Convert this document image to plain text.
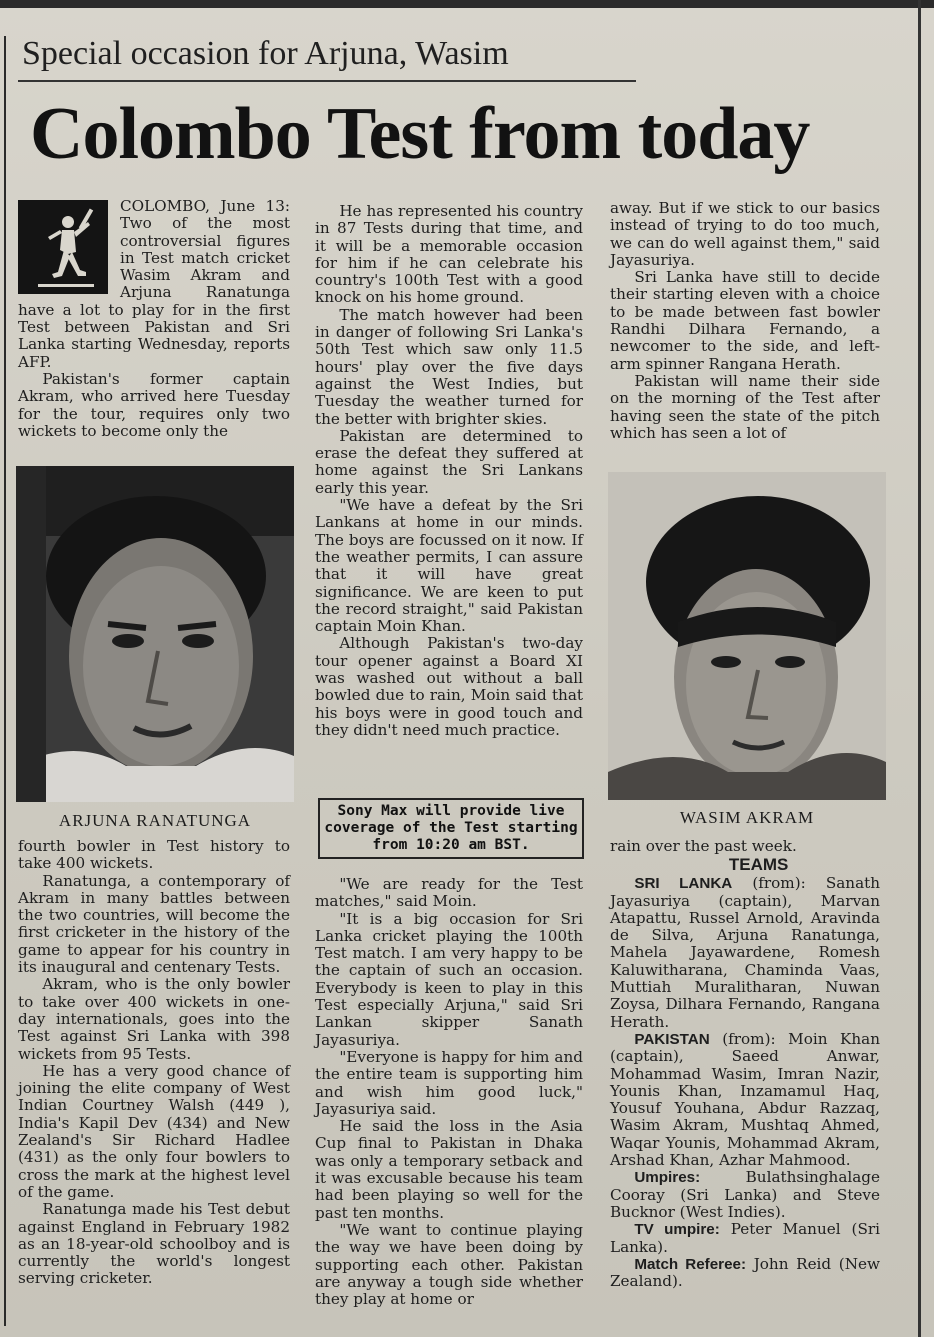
Special occasion for Arjuna, Wasim
Colombo Test from today

COLOMBO, June 13: Two of the most controversial figures in Test match cricket Wasim Akram and Arjuna Ranatunga have a lot to play for in the first Test between Pakistan and Sri Lanka starting Wednesday, reports AFP.

Pakistan's former captain Akram, who arrived here Tuesday for the tour, requires only two wickets to become only the

ARJUNA RANATUNGA

fourth bowler in Test history to take 400 wickets.

Ranatunga, a contemporary of Akram in many battles between the two countries, will become the first cricketer in the history of the game to appear for his country in its inaugural and centenary Tests.

Akram, who is the only bowler to take over 400 wickets in one-day internationals, goes into the Test against Sri Lanka with 398 wickets from 95 Tests.

He has a very good chance of joining the elite company of West Indian Courtney Walsh (449 ), India's Kapil Dev (434) and New Zealand's Sir Richard Hadlee (431) as the only four bowlers to cross the mark at the highest level of the game.

Ranatunga made his Test debut against England in February 1982 as an 18-year-old schoolboy and is currently the world's longest serving cricketer.

He has represented his country in 87 Tests during that time, and it will be a memorable occasion for him if he can celebrate his country's 100th Test with a good knock on his home ground.

The match however had been in danger of following Sri Lanka's 50th Test which saw only 11.5 hours' play over the five days against the West Indies, but Tuesday the weather turned for the better with brighter skies.

Pakistan are determined to erase the defeat they suffered at home against the Sri Lankans early this year.

"We have a defeat by the Sri Lankans at home in our minds. The boys are focussed on it now. If the weather permits, I can assure that it will have great significance. We are keen to put the record straight," said Pakistan captain Moin Khan.

Although Pakistan's two-day tour opener against a Board XI was washed out without a ball bowled due to rain, Moin said that his boys were in good touch and they didn't need much practice.

Sony Max will provide live coverage of the Test starting from 10:20 am BST.

"We are ready for the Test matches," said Moin.

"It is a big occasion for Sri Lanka cricket playing the 100th Test match. I am very happy to be the captain of such an occasion. Everybody is keen to play in this Test especially Arjuna," said Sri Lankan skipper Sanath Jayasuriya.

"Everyone is happy for him and the entire team is supporting him and wish him good luck," Jayasuriya said.

He said the loss in the Asia Cup final to Pakistan in Dhaka was only a temporary setback and it was excusable because his team had been playing so well for the past ten months.

"We want to continue playing the way we have been doing by supporting each other. Pakistan are anyway a tough side whether they play at home or

away. But if we stick to our basics instead of trying to do too much, we can do well against them," said Jayasuriya.

Sri Lanka have still to decide their starting eleven with a choice to be made between fast bowler Randhi Dilhara Fernando, a newcomer to the side, and left-arm spinner Rangana Herath.

Pakistan will name their side on the morning of the Test after having seen the state of the pitch which has seen a lot of

WASIM AKRAM

rain over the past week.

TEAMS

SRI LANKA (from): Sanath Jayasuriya (captain), Marvan Atapattu, Russel Arnold, Aravinda de Silva, Arjuna Ranatunga, Mahela Jayawardene, Romesh Kaluwitharana, Chaminda Vaas, Muttiah Muralitharan, Nuwan Zoysa, Dilhara Fernando, Rangana Herath.

PAKISTAN (from): Moin Khan (captain), Saeed Anwar, Mohammad Wasim, Imran Nazir, Younis Khan, Inzamamul Haq, Yousuf Youhana, Abdur Razzaq, Wasim Akram, Mushtaq Ahmed, Waqar Younis, Mohammad Akram, Arshad Khan, Azhar Mahmood.

Umpires:	Bulathsinghalage Cooray (Sri Lanka) and Steve Bucknor (West Indies).

TV umpire: Peter Manuel (Sri Lanka).

Match Referee: John Reid (New Zealand).
